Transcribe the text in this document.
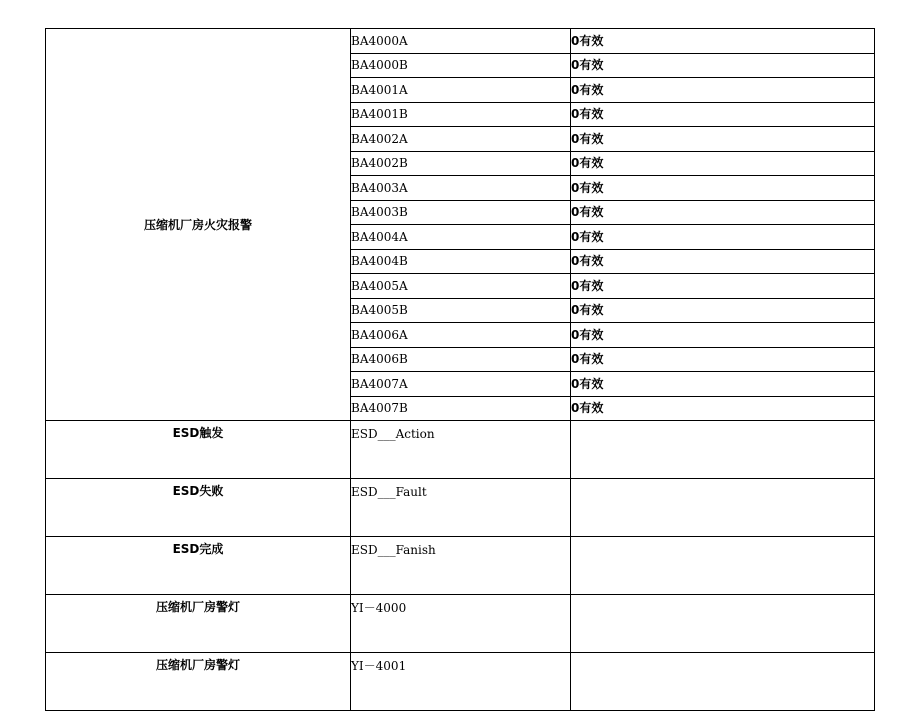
压缩机厂房火灾报警	BA4000A	0有效
	BA4000B	0有效
	BA4001A	0有效
	BA4001B	0有效
	BA4002A	0有效
	BA4002B	0有效
	BA4003A	0有效
	BA4003B	0有效
	BA4004A	0有效
	BA4004B	0有效
	BA4005A	0有效
	BA4005B	0有效
	BA4006A	0有效
	BA4006B	0有效
	BA4007A	0有效
	BA4007B	0有效
ESD触发	ESD___Action	
ESD失败	ESD___Fault	
ESD完成	ESD___Fanish	
压缩机厂房警灯	YI－4000	
压缩机厂房警灯	YI－4001	
